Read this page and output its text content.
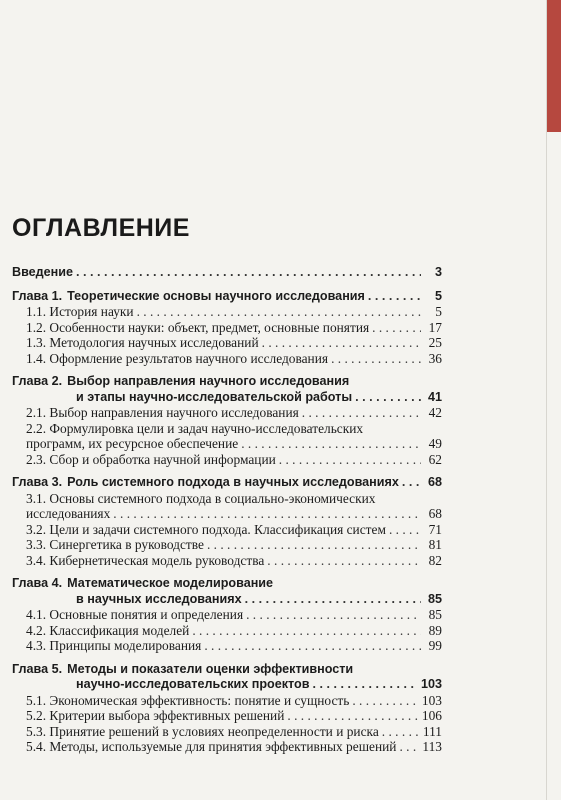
ОГЛАВЛЕНИЕ
Введение . . .	3
Глава 1. Теоретические основы научного исследования . . .	5
1.1. История науки . . .	5
1.2. Особенности науки: объект, предмет, основные понятия . . .	17
1.3. Методология научных исследований . . .	25
1.4. Оформление результатов научного исследования . . .	36
Глава 2. Выбор направления научного исследования
и этапы научно-исследовательской работы . . .	41
2.1. Выбор направления научного исследования . . .	42
2.2. Формулировка цели и задач научно-исследовательских
программ, их ресурсное обеспечение . . .	49
2.3. Сбор и обработка научной информации . . .	62
Глава 3. Роль системного подхода в научных исследованиях . . .	68
3.1. Основы системного подхода в социально-экономических
исследованиях . . .	68
3.2. Цели и задачи системного подхода. Классификация систем . . .	71
3.3. Синергетика в руководстве . . .	81
3.4. Кибернетическая модель руководства . . .	82
Глава 4. Математическое моделирование
в научных исследованиях . . .	85
4.1. Основные понятия и определения . . .	85
4.2. Классификация моделей . . .	89
4.3. Принципы моделирования . . .	99
Глава 5. Методы и показатели оценки эффективности
научно-исследовательских проектов . . .	103
5.1. Экономическая эффективность: понятие и сущность . . .	103
5.2. Критерии выбора эффективных решений . . .	106
5.3. Принятие решений в условиях неопределенности и риска . . .	111
5.4. Методы, используемые для принятия эффективных решений . . . 113
